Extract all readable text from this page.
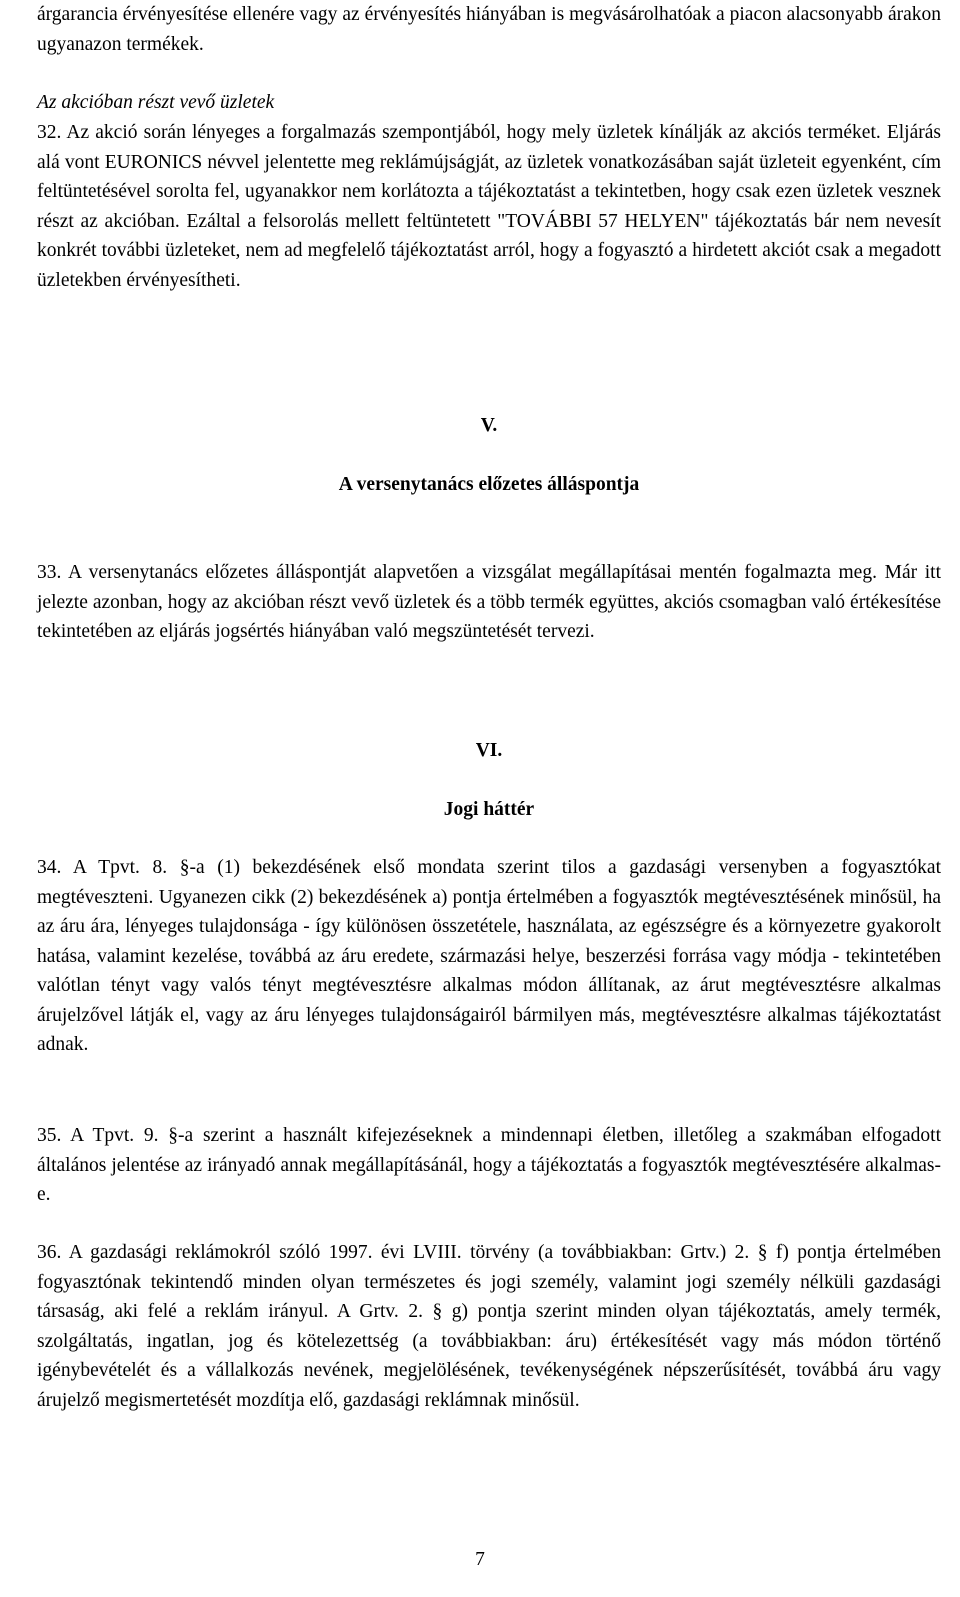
árgarancia érvényesítése ellenére vagy az érvényesítés hiányában is megvásárolhatóak a piacon alacsonyabb árakon ugyanazon termékek.

Az akcióban részt vevő üzletek

32. Az akció során lényeges a forgalmazás szempontjából, hogy mely üzletek kínálják az akciós terméket. Eljárás alá vont EURONICS névvel jelentette meg reklámújságját, az üzletek vonatkozásában saját üzleteit egyenként, cím feltüntetésével sorolta fel, ugyanakkor nem korlátozta a tájékoztatást a tekintetben, hogy csak ezen üzletek vesznek részt az akcióban. Ezáltal a felsorolás mellett feltüntetett "TOVÁBBI 57 HELYEN" tájékoztatás bár nem nevesít konkrét további üzleteket, nem ad megfelelő tájékoztatást arról, hogy a fogyasztó a hirdetett akciót csak a megadott üzletekben érvényesítheti.

V.

A versenytanács előzetes álláspontja

33. A versenytanács előzetes álláspontját alapvetően a vizsgálat megállapításai mentén fogalmazta meg. Már itt jelezte azonban, hogy az akcióban részt vevő üzletek és a több termék együttes, akciós csomagban való értékesítése tekintetében az eljárás jogsértés hiányában való megszüntetését tervezi.

VI.

Jogi háttér

34. A Tpvt. 8. §-a (1) bekezdésének első mondata szerint tilos a gazdasági versenyben a fogyasztókat megtéveszteni. Ugyanezen cikk (2) bekezdésének a) pontja értelmében a fogyasztók megtévesztésének minősül, ha az áru ára, lényeges tulajdonsága - így különösen összetétele, használata, az egészségre és a környezetre gyakorolt hatása, valamint kezelése, továbbá az áru eredete, származási helye, beszerzési forrása vagy módja - tekintetében valótlan tényt vagy valós tényt megtévesztésre alkalmas módon állítanak, az árut megtévesztésre alkalmas árujelzővel látják el, vagy az áru lényeges tulajdonságairól bármilyen más, megtévesztésre alkalmas tájékoztatást adnak.

35. A Tpvt. 9. §-a szerint a használt kifejezéseknek a mindennapi életben, illetőleg a szakmában elfogadott általános jelentése az irányadó annak megállapításánál, hogy a tájékoztatás a fogyasztók megtévesztésére alkalmas-e.

36. A gazdasági reklámokról szóló 1997. évi LVIII. törvény (a továbbiakban: Grtv.) 2. § f) pontja értelmében fogyasztónak tekintendő minden olyan természetes és jogi személy, valamint jogi személy nélküli gazdasági társaság, aki felé a reklám irányul. A Grtv. 2. § g) pontja szerint minden olyan tájékoztatás, amely termék, szolgáltatás, ingatlan, jog és kötelezettség (a továbbiakban: áru) értékesítését vagy más módon történő igénybevételét és a vállalkozás nevének, megjelölésének, tevékenységének népszerűsítését, továbbá áru vagy árujelző megismertetését mozdítja elő, gazdasági reklámnak minősül.

7
